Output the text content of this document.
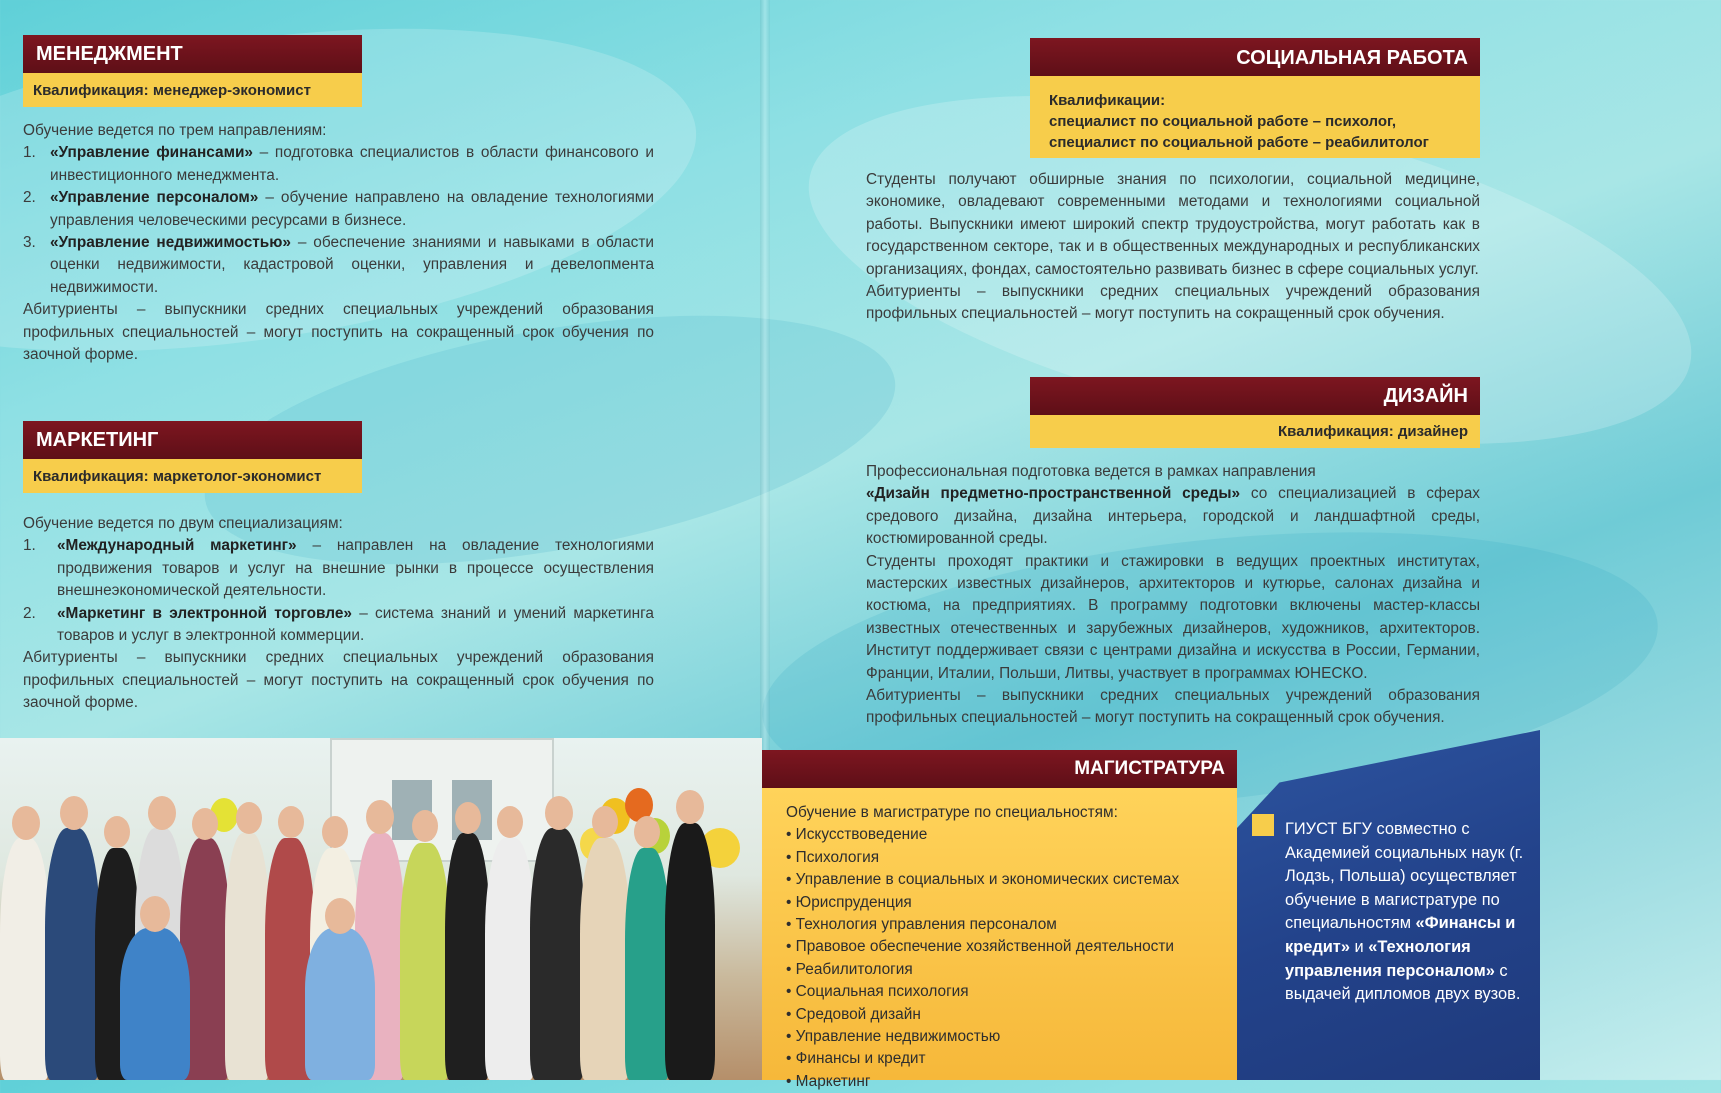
МЕНЕДЖМЕНТ
Квалификация: менеджер-экономист

Обучение ведется по трем направлениям:

1. «Управление финансами» – подготовка специалистов в области финансового и инвестиционного менеджмента.
2. «Управление персоналом» – обучение направлено на овладение технологиями управления человеческими ресурсами в бизнесе.
3. «Управление недвижимостью» – обеспечение знаниями и навыками в области оценки недвижимости, кадастровой оценки, управления и девелопмента недвижимости.

Абитуриенты – выпускники средних специальных учреждений образования профильных специальностей – могут поступить на сокращенный срок обучения по заочной форме.

МАРКЕТИНГ
Квалификация: маркетолог-экономист

Обучение ведется по двум специализациям:

1. «Международный маркетинг» – направлен на овладение технологиями продвижения товаров и услуг на внешние рынки в процессе осуществления внешнеэкономической деятельности.
2. «Маркетинг в электронной торговле» – система знаний и умений маркетинга товаров и услуг в электронной коммерции.

Абитуриенты – выпускники средних специальных учреждений образования профильных специальностей – могут поступить на сокращенный срок обучения по заочной форме.

СОЦИАЛЬНАЯ РАБОТА
Квалификации:
специалист по социальной работе – психолог,
специалист по социальной работе – реабилитолог

Студенты получают обширные знания по психологии, социальной медицине, экономике, овладевают современными методами и технологиями социальной работы. Выпускники имеют широкий спектр трудоустройства, могут работать как в государственном секторе, так и в общественных международных и республиканских организациях, фондах, самостоятельно развивать бизнес в сфере социальных услуг.

Абитуриенты – выпускники средних специальных учреждений образования профильных специальностей – могут поступить на сокращенный срок обучения.

ДИЗАЙН
Квалификация: дизайнер

Профессиональная подготовка ведется в рамках направления

«Дизайн предметно-пространственной среды» со специализацией в сферах средового дизайна, дизайна интерьера, городской и ландшафтной среды, костюмированной среды.

Студенты проходят практики и стажировки в ведущих проектных институтах, мастерских известных дизайнеров, архитекторов и кутюрье, салонах дизайна и костюма, на предприятиях. В программу подготовки включены мастер-классы известных отечественных и зарубежных дизайнеров, художников, архитекторов. Институт поддерживает связи с центрами дизайна и искусства в России, Германии, Франции, Италии, Польши, Литвы, участвует в программах ЮНЕСКО.

Абитуриенты – выпускники средних специальных учреждений образования профильных специальностей – могут поступить на сокращенный срок обучения.

МАГИСТРАТУРА
Обучение в магистратуре по специальностям:
• Искусствоведение
• Психология
• Управление в социальных и экономических системах
• Юриспруденция
• Технология управления персоналом
• Правовое обеспечение хозяйственной деятельности
• Реабилитология
• Социальная психология
• Средовой дизайн
• Управление недвижимостью
• Финансы и кредит
• Маркетинг
ГИУСТ БГУ совместно с Академией социальных наук (г. Лодзь, Польша) осуществляет обучение в магистратуре по специальностям «Финансы и кредит» и «Технология управления персоналом» с выдачей дипломов двух вузов.
